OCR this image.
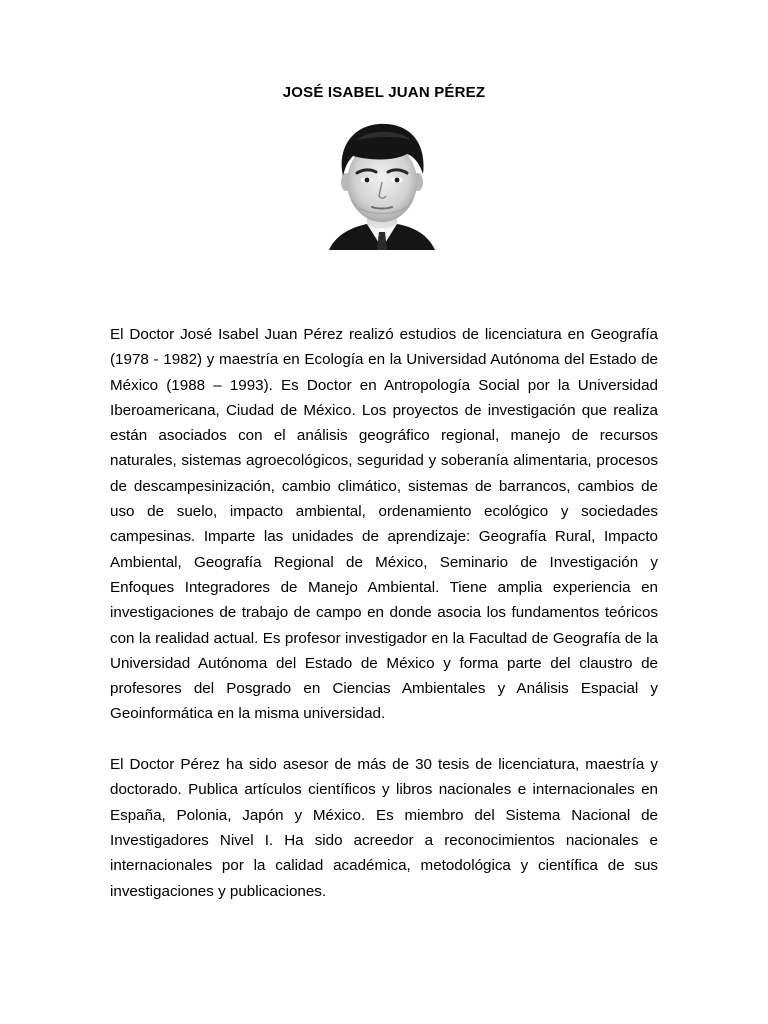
JOSÉ ISABEL JUAN PÉREZ

El Doctor José Isabel Juan Pérez realizó estudios de licenciatura en Geografía (1978 - 1982) y maestría en Ecología en la Universidad Autónoma del Estado de México (1988 – 1993). Es Doctor en Antropología Social por la Universidad Iberoamericana, Ciudad de México. Los proyectos de investigación que realiza están asociados con el análisis geográfico regional, manejo de recursos naturales, sistemas agroecológicos, seguridad y soberanía alimentaria, procesos de descampesinización, cambio climático, sistemas de barrancos, cambios de uso de suelo, impacto ambiental, ordenamiento ecológico y sociedades campesinas. Imparte las unidades de aprendizaje: Geografía Rural, Impacto Ambiental, Geografía Regional de México, Seminario de Investigación y Enfoques Integradores de Manejo Ambiental. Tiene amplia experiencia en investigaciones de trabajo de campo en donde asocia los fundamentos teóricos con la realidad actual. Es profesor investigador en la Facultad de Geografía de la Universidad Autónoma del Estado de México y forma parte del claustro de profesores del Posgrado en Ciencias Ambientales y Análisis Espacial y Geoinformática en la misma universidad.

El Doctor Pérez ha sido asesor de más de 30 tesis de licenciatura, maestría y doctorado. Publica artículos científicos y libros nacionales e internacionales en España, Polonia, Japón y México. Es miembro del Sistema Nacional de Investigadores Nivel I. Ha sido acreedor a reconocimientos nacionales e internacionales por la calidad académica, metodológica y científica de sus investigaciones y publicaciones.
